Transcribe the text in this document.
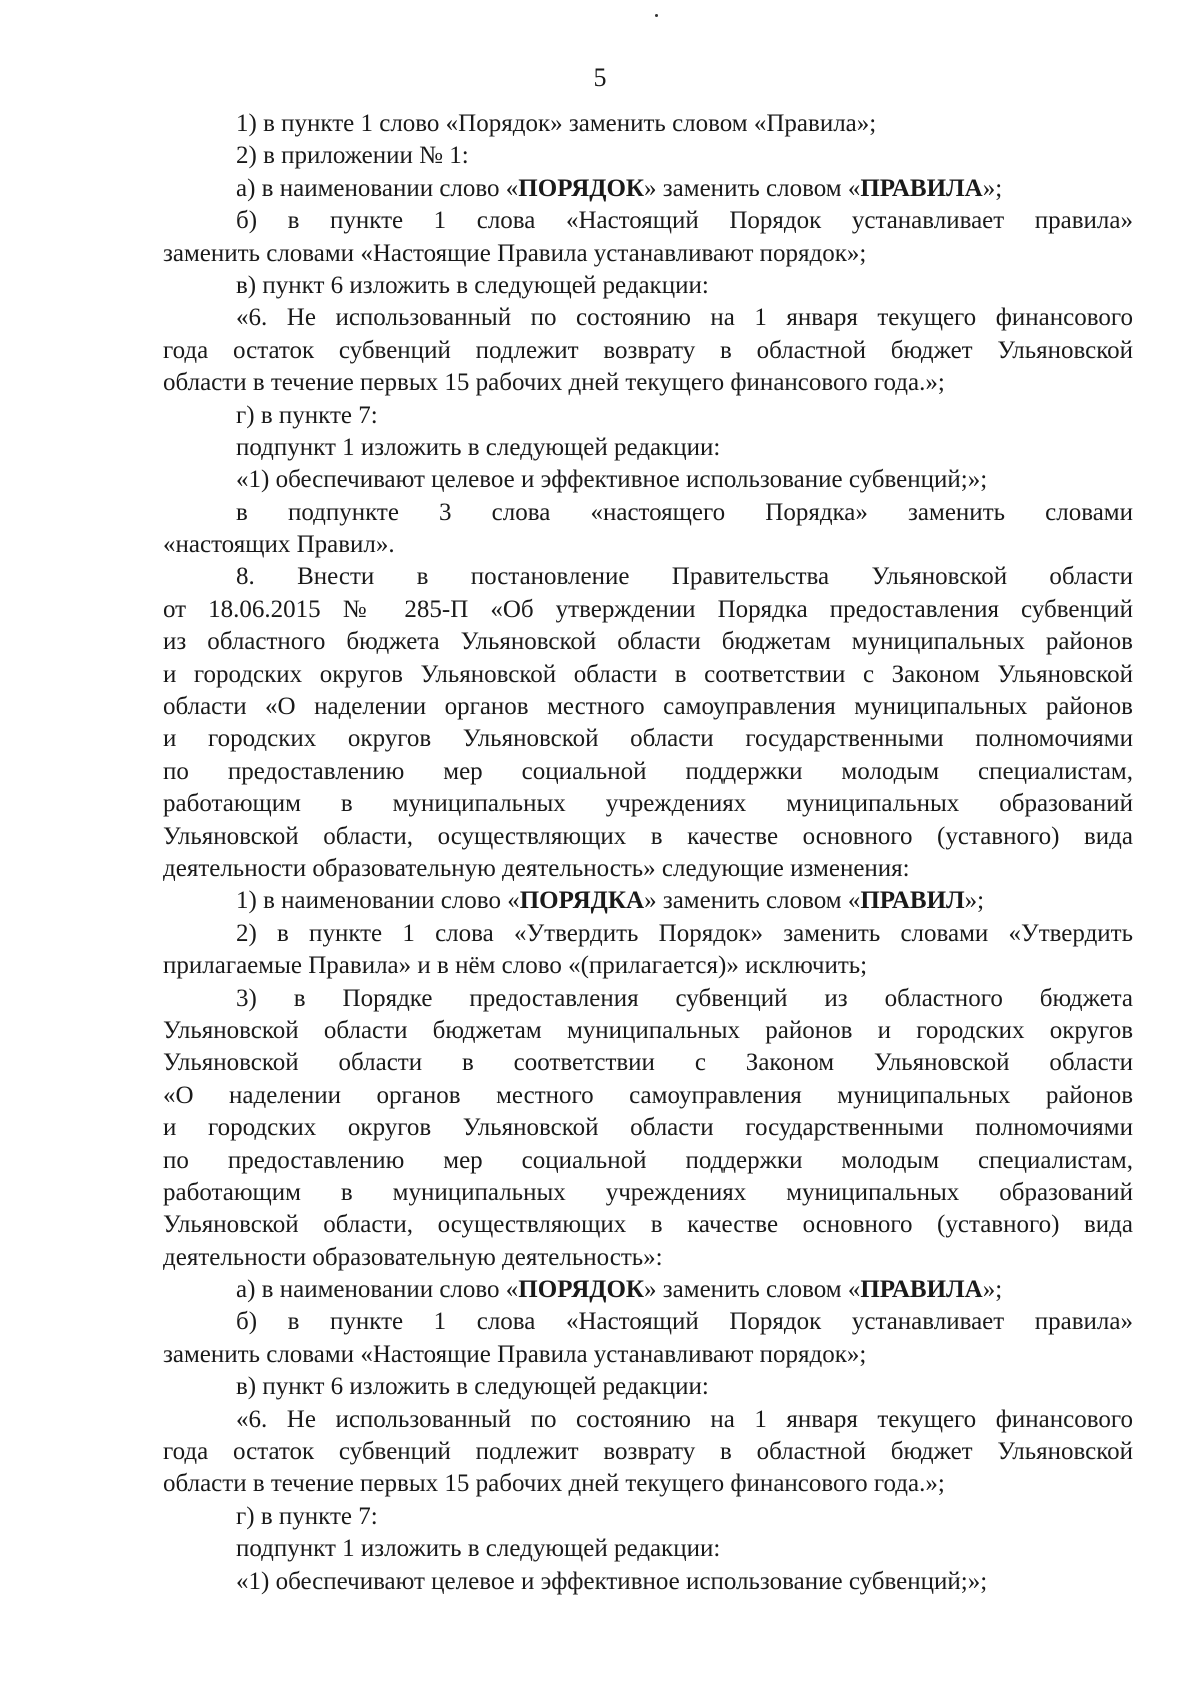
5
1) в пункте 1 слово «Порядок» заменить словом «Правила»;
2) в приложении № 1:
а) в наименовании слово «ПОРЯДОК» заменить словом «ПРАВИЛА»;
б) в пункте 1 слова «Настоящий Порядок устанавливает правила»
заменить словами «Настоящие Правила устанавливают порядок»;
в) пункт 6 изложить в следующей редакции:
«6. Не использованный по состоянию на 1 января текущего финансового
года остаток субвенций подлежит возврату в областной бюджет Ульяновской
области в течение первых 15 рабочих дней текущего финансового года.»;
г) в пункте 7:
подпункт 1 изложить в следующей редакции:
«1) обеспечивают целевое и эффективное использование субвенций;»;
в подпункте 3 слова «настоящего Порядка» заменить словами
«настоящих Правил».
8. Внести в постановление Правительства Ульяновской области
от 18.06.2015 № 285-П «Об утверждении Порядка предоставления субвенций
из областного бюджета Ульяновской области бюджетам муниципальных районов
и городских округов Ульяновской области в соответствии с Законом Ульяновской
области «О наделении органов местного самоуправления муниципальных районов
и городских округов Ульяновской области государственными полномочиями
по предоставлению мер социальной поддержки молодым специалистам,
работающим в муниципальных учреждениях муниципальных образований
Ульяновской области, осуществляющих в качестве основного (уставного) вида
деятельности образовательную деятельность» следующие изменения:
1) в наименовании слово «ПОРЯДКА» заменить словом «ПРАВИЛ»;
2) в пункте 1 слова «Утвердить Порядок» заменить словами «Утвердить
прилагаемые Правила» и в нём слово «(прилагается)» исключить;
3) в Порядке предоставления субвенций из областного бюджета
Ульяновской области бюджетам муниципальных районов и городских округов
Ульяновской области в соответствии с Законом Ульяновской области
«О наделении органов местного самоуправления муниципальных районов
и городских округов Ульяновской области государственными полномочиями
по предоставлению мер социальной поддержки молодым специалистам,
работающим в муниципальных учреждениях муниципальных образований
Ульяновской области, осуществляющих в качестве основного (уставного) вида
деятельности образовательную деятельность»:
а) в наименовании слово «ПОРЯДОК» заменить словом «ПРАВИЛА»;
б) в пункте 1 слова «Настоящий Порядок устанавливает правила»
заменить словами «Настоящие Правила устанавливают порядок»;
в) пункт 6 изложить в следующей редакции:
«6. Не использованный по состоянию на 1 января текущего финансового
года остаток субвенций подлежит возврату в областной бюджет Ульяновской
области в течение первых 15 рабочих дней текущего финансового года.»;
г) в пункте 7:
подпункт 1 изложить в следующей редакции:
«1) обеспечивают целевое и эффективное использование субвенций;»;
